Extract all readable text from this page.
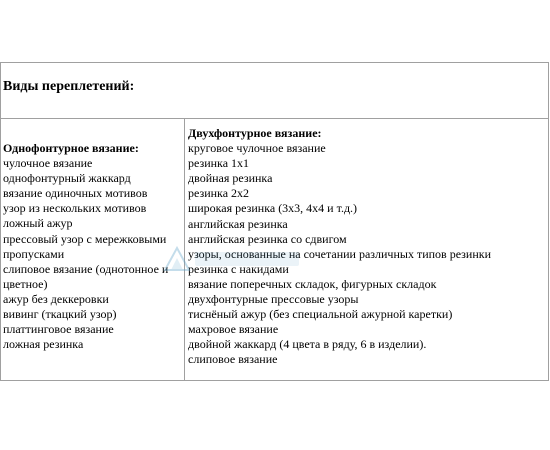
Виды переплетений:
Однофонтурное вязание:
чулочное вязание
однофонтурный жаккард
вязание одиночных мотивов
узор из нескольких мотивов
ложный ажур
прессовый узор с мережковыми
пропусками
слиповое вязание (однотонное и
цветное)
ажур без деккеровки
вивинг (ткацкий узор)
платтинговое вязание
ложная резинка
Двухфонтурное вязание:
круговое чулочное вязание
резинка 1х1
двойная резинка
резинка 2х2
широкая резинка (3х3, 4х4 и т.д.)
английская резинка
английская резинка со сдвигом
узоры, основанные на сочетании различных типов резинки
резинка с накидами
вязание поперечных складок, фигурных складок
двухфонтурные прессовые узоры
тиснёный ажур (без специальной ажурной каретки)
махровое вязание
двойной жаккард (4 цвета в ряду, 6 в изделии).
слиповое вязание
